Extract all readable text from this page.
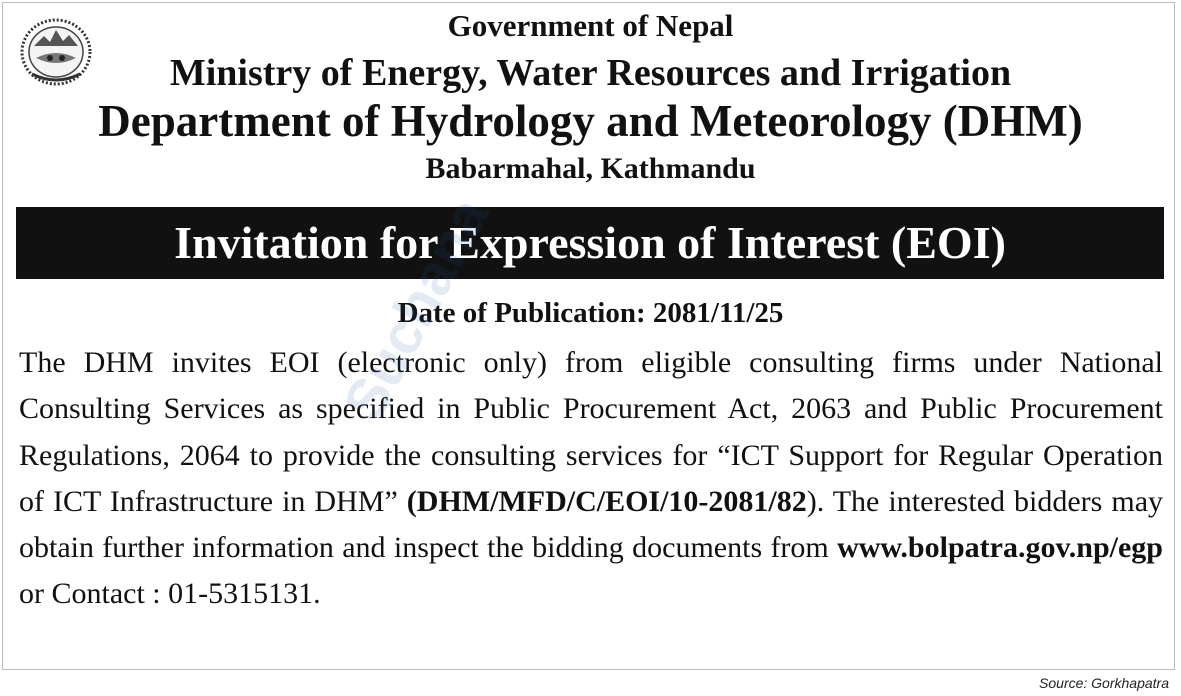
Government of Nepal
Ministry of Energy, Water Resources and Irrigation
Department of Hydrology and Meteorology (DHM)
Babarmahal, Kathmandu
Invitation for Expression of Interest (EOI)
Date of Publication: 2081/11/25
The DHM invites EOI (electronic only) from eligible consulting firms under National Consulting Services as specified in Public Procurement Act, 2063 and Public Procurement Regulations, 2064 to provide the consulting services for “ICT Support for Regular Operation of ICT Infrastructure in DHM” (DHM/MFD/C/EOI/10-2081/82). The interested bidders may obtain further information and inspect the bidding documents from www.bolpatra.gov.np/egp or Contact : 01-5315131.
Suchana
Source: Gorkhapatra
